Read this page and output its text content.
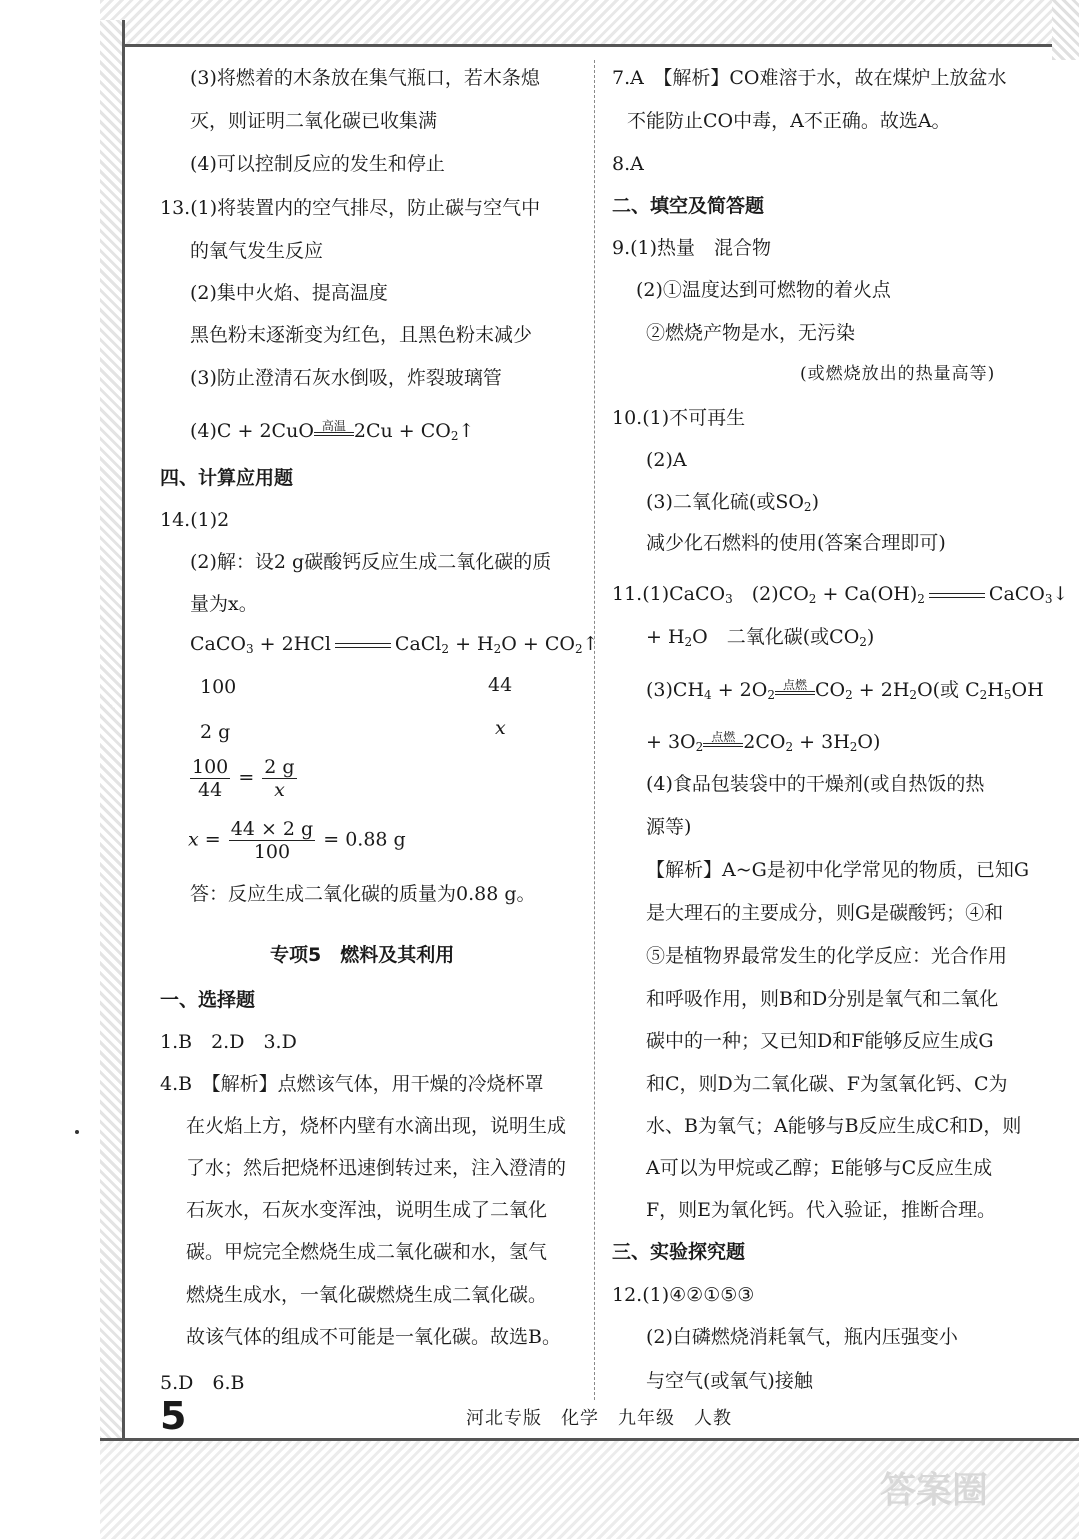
(3)将燃着的木条放在集气瓶口，若木条熄
灭，则证明二氧化碳已收集满
(4)可以控制反应的发生和停止
13.(1)将装置内的空气排尽，防止碳与空气中
的氧气发生反应
(2)集中火焰、提高温度
黑色粉末逐渐变为红色，且黑色粉末减少
(3)防止澄清石灰水倒吸，炸裂玻璃管
(4)C + 2CuO 高温 $2Cu + CO_2↑$
四、计算应用题
14.(1)2
(2)解：设2 g碳酸钙反应生成二氧化碳的质
量为x。
CaCO$_3$ + 2HCl	CaCl$_2$ + $H_2O$ + $CO_2↑$
100	44
2 g	x
$\frac{100}{44} = \frac{2 g}{x}$
$x = \frac{44 \times 2 g}{100} = 0.88$ g
答：反应生成二氧化碳的质量为0.88 g。
专项5　燃料及其利用
一、选择题
1.B　2.D　3.D
4.B　【解析】点燃该气体，用干燥的冷烧杯罩
在火焰上方，烧杯内壁有水滴出现，说明生成
了水；然后把烧杯迅速倒转过来，注入澄清的
石灰水，石灰水变浑浊，说明生成了二氧化
碳。甲烷完全燃烧生成二氧化碳和水，氢气
燃烧生成水，一氧化碳燃烧生成二氧化碳。
故该气体的组成不可能是一氧化碳。故选B。
5.D　6.B
7.A　【解析】CO难溶于水，故在煤炉上放盆水
不能防止CO中毒，A不正确。故选A。
8.A
二、填空及简答题
9.(1)热量　混合物
(2)①温度达到可燃物的着火点
②燃烧产物是水，无污染
(或燃烧放出的热量高等)
10.(1)不可再生
(2)A
(3)二氧化硫(或$SO_2$)
减少化石燃料的使用(答案合理即可)
11.(1)CaCO$_3$　$(2)CO_2 + Ca(OH)_2$	CaCO$_3$↓
+ $H_2O$　二氧化碳(或$CO_2$)
$(3)CH_4 + 2O_2$
点燃 $CO_2 + 2H_2O$(或 $C_2H_5OH$
+ $3O_2$
点燃 $2CO_2 + 3H_2O$)
(4)食品包装袋中的干燥剂(或自热饭的热
源等)
【解析】A~G是初中化学常见的物质，已知G
是大理石的主要成分，则G是碳酸钙；④和
⑤是植物界最常发生的化学反应：光合作用
和呼吸作用，则B和D分别是氧气和二氧化
碳中的一种；又已知D和F能够反应生成G
和C，则D为二氧化碳、F为氢氧化钙、C为
水、B为氧气；A能够与B反应生成C和D，则
A可以为甲烷或乙醇；E能够与C反应生成
F，则E为氧化钙。代入验证，推断合理。
三、实验探究题
12.(1)④②①⑤③
(2)白磷燃烧消耗氧气，瓶内压强变小
与空气(或氧气)接触
5	河北专版　化学　九年级　人教
答案圈
